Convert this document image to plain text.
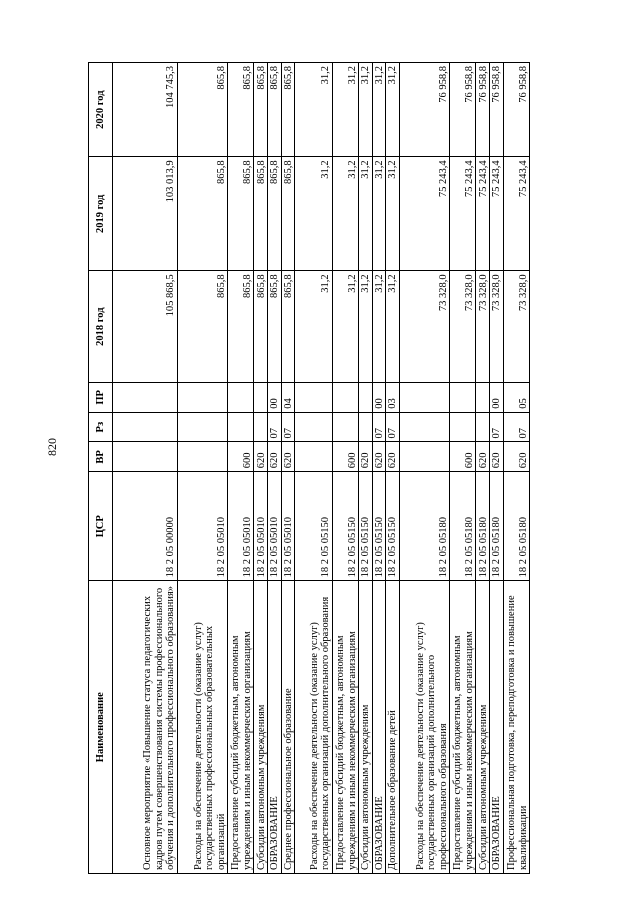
820
Наименование	ЦСР	ВР	Рз	ПР	2018 год	2019 год	2020 год
Основное мероприятие «Повышение статуса педагогических кадров путем совершенствования системы профессионального обучения и дополнительного профессионального образования»	18 2 05 00000				105 868,5	103 013,9	104 745,3
Расходы на обеспечение деятельности (оказание услуг) государственных профессиональных образовательных организаций	18 2 05 05010				865,8	865,8	865,8
Предоставление субсидий бюджетным, автономным учреждениям и иным некоммерческим организациям	18 2 05 05010	600			865,8	865,8	865,8
Субсидии автономным учреждениям	18 2 05 05010	620			865,8	865,8	865,8
ОБРАЗОВАНИЕ	18 2 05 05010	620	07	00	865,8	865,8	865,8
Среднее профессиональное образование	18 2 05 05010	620	07	04	865,8	865,8	865,8
Расходы на обеспечение деятельности (оказание услуг) государственных организаций дополнительного образования	18 2 05 05150				31,2	31,2	31,2
Предоставление субсидий бюджетным, автономным учреждениям и иным некоммерческим организациям	18 2 05 05150	600			31,2	31,2	31,2
Субсидии автономным учреждениям	18 2 05 05150	620			31,2	31,2	31,2
ОБРАЗОВАНИЕ	18 2 05 05150	620	07	00	31,2	31,2	31,2
Дополнительное образование детей	18 2 05 05150	620	07	03	31,2	31,2	31,2
Расходы на обеспечение деятельности (оказание услуг) государственных организаций дополнительного профессионального образования	18 2 05 05180				73 328,0	75 243,4	76 958,8
Предоставление субсидий бюджетным, автономным учреждениям и иным некоммерческим организациям	18 2 05 05180	600			73 328,0	75 243,4	76 958,8
Субсидии автономным учреждениям	18 2 05 05180	620			73 328,0	75 243,4	76 958,8
ОБРАЗОВАНИЕ	18 2 05 05180	620	07	00	73 328,0	75 243,4	76 958,8
Профессиональная подготовка, переподготовка и повышение квалификации	18 2 05 05180	620	07	05	73 328,0	75 243,4	76 958,8
